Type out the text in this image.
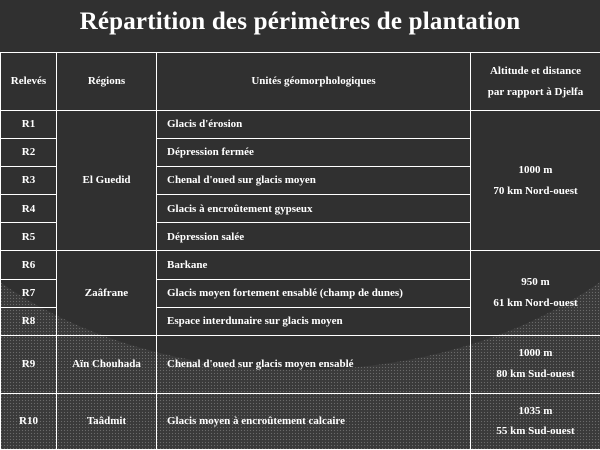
Répartition des périmètres de plantation
Relevés	Régions	Unités géomorphologiques	Altitude et distance
par rapport à Djelfa
R1	El Guedid	Glacis d'érosion	1000 m
70 km Nord-ouest
R2		Dépression fermée	
R3		Chenal d'oued sur glacis moyen	
R4		Glacis à encroûtement gypseux	
R5		Dépression salée	
R6	Zaâfrane	Barkane	950 m
61 km Nord-ouest
R7		Glacis moyen fortement ensablé (champ de dunes)	
R8		Espace interdunaire sur glacis moyen	
R9	Aïn Chouhada	Chenal d'oued sur glacis moyen ensablé	1000 m
80 km Sud-ouest
R10	Taâdmit	Glacis moyen à encroûtement calcaire	1035 m
55 km Sud-ouest
